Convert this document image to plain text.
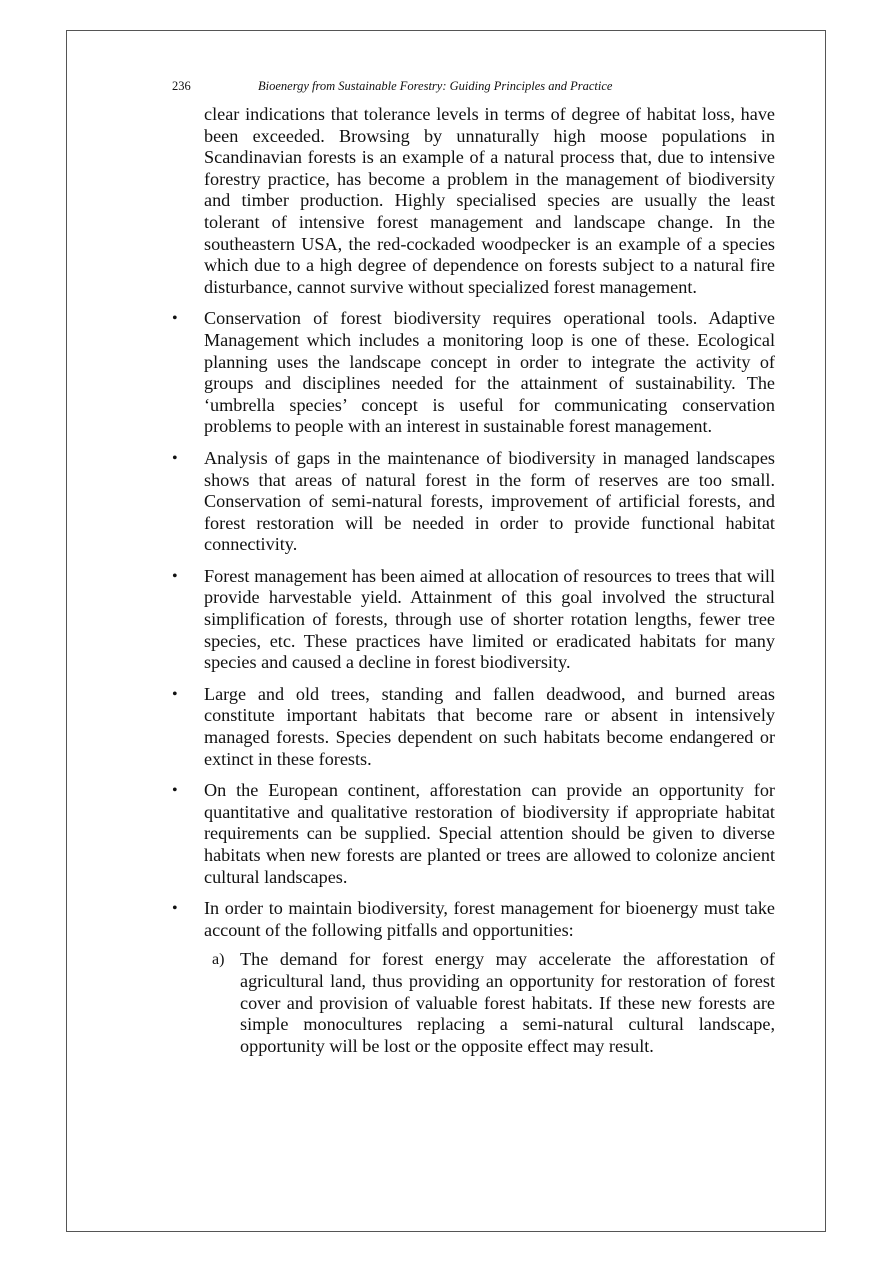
236	Bioenergy from Sustainable Forestry: Guiding Principles and Practice

clear indications that tolerance levels in terms of degree of habitat loss, have been exceeded. Browsing by unnaturally high moose populations in Scandinavian forests is an example of a natural process that, due to intensive forestry practice, has become a problem in the management of biodiversity and timber production. Highly specialised species are usually the least tolerant of intensive forest management and landscape change. In the southeastern USA, the red-cockaded woodpecker is an example of a species which due to a high degree of dependence on forests subject to a natural fire disturbance, cannot survive without specialized forest management.

• Conservation of forest biodiversity requires operational tools. Adaptive Management which includes a monitoring loop is one of these. Ecological planning uses the landscape concept in order to integrate the activity of groups and disciplines needed for the attainment of sustainability. The ‘umbrella species’ concept is useful for communicating conservation problems to people with an interest in sustainable forest management.
• Analysis of gaps in the maintenance of biodiversity in managed landscapes shows that areas of natural forest in the form of reserves are too small. Conservation of semi-natural forests, improvement of artificial forests, and forest restoration will be needed in order to provide functional habitat connectivity.
• Forest management has been aimed at allocation of resources to trees that will provide harvestable yield. Attainment of this goal involved the structural simplification of forests, through use of shorter rotation lengths, fewer tree species, etc. These practices have limited or eradicated habitats for many species and caused a decline in forest biodiversity.
• Large and old trees, standing and fallen deadwood, and burned areas constitute important habitats that become rare or absent in intensively managed forests. Species dependent on such habitats become endangered or extinct in these forests.
• On the European continent, afforestation can provide an opportunity for quantitative and qualitative restoration of biodiversity if appropriate habitat requirements can be supplied. Special attention should be given to diverse habitats when new forests are planted or trees are allowed to colonize ancient cultural landscapes.
• In order to maintain biodiversity, forest management for bioenergy must take account of the following pitfalls and opportunities:
a) The demand for forest energy may accelerate the afforestation of agricultural land, thus providing an opportunity for restoration of forest cover and provision of valuable forest habitats. If these new forests are simple monocultures replacing a semi-natural cultural landscape, opportunity will be lost or the opposite effect may result.
